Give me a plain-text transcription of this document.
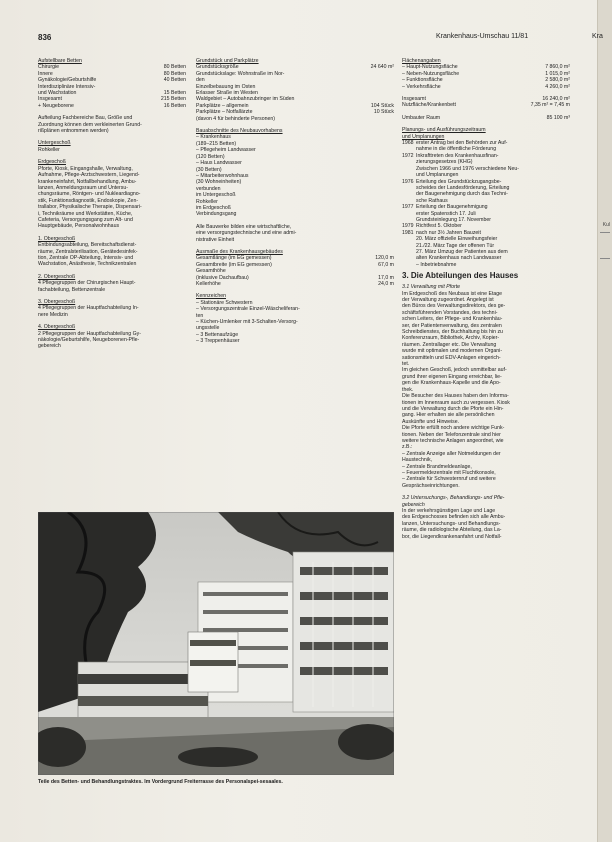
Kul
836	Krankenhaus-Umschau 11/81	Kra
Aufstellbare Betten
Chirurgie	80 Betten
Innere	80 Betten
Gynäkologie/Geburtshilfe	40 Betten
Interdisziplinäre Intensiv-
und Wachstation	15 Betten
Insgesamt	215 Betten
+ Neugeborene	16 Betten
Aufteilung Fachbereiche Bau, Größe und
Zuordnung können dem verkleinerten Grund-
rißplänen entnommen werden)
Untergeschoß
Rohkeller
Erdgeschoß
Pforte, Kiosk, Eingangshalle, Verwaltung,
Aufnahme, Pflege-Arztschwestern, Liegend-
krankeneinfahrt, Notfallbehandlung, Ambu-
lanzen, Anmeldungsraum und Untersu-
chungsräume, Röntgen- und Nukleardiagno-
stik, Funktionsdiagnostik, Endoskopie, Zen-
trallabor, Physikalische Therapie, Dispensari-
i, Technikräume und Werkstätten, Küche,
Cafeteria, Versorgungsgang zum Alt- und
Hauptgebäude, Personalwohnhaus
1. Obergeschoß
Entbindungsabteilung, Bereitschaftsdienst-
räume, Zentralsterilisation, Gerätedesinfek-
tion, Zentrale OP-Abteilung, Intensiv- und
Wachstation, Anästhesie, Technikzentralen
2. Obergeschoß
4 Pflegegruppen der Chirurgischen Haupt-
fachabteilung, Bettenzentrale
3. Obergeschoß
4 Pflegegruppen der Hauptfachabteilung In-
nere Medizin
4. Obergeschoß
2 Pflegegruppen der Hauptfachabteilung Gy-
näkologie/Geburtshilfe, Neugeborenen-Pfle-
gebereich
Grundstück und Parkplätze
Grundstücksgröße	24 640 m²
Grundstückslage: Wohnstraße im Nor-
den
Einzelbebauung im Osten
Erlasser Straße im Westen
Waldgebiet – Autobahnzubringer im Süden
Parkplätze – allgemein	104 Stück
Parkplätze – Notfallärzte	10 Stück
(davon 4 für behinderte Personen)
Bauabschnitte des Neubauvorhabens
– Krankenhaus
(189–215 Betten)
– Pflegeheim Landwasser
(120 Betten)
– Haus Landwasser
(30 Betten)
– Mitarbeiterwohnhaus
(30 Wohneinheiten)
verbunden
im Untergeschoß
Rohkeller
im Erdgeschoß
Verbindungsgang
Alle Bauwerke bilden eine wirtschaftliche,
eine versorgungstechnische und eine admi-
nistrative Einheit
Ausmaße des Krankenhausgebäudes
Gesamtlänge (im EG gemessen)	120,0 m
Gesamtbreite (im EG gemessen)	67,0 m
Gesamthöhe
(inklusive Dachaufbau)	17,0 m
Kellerhöhe	24,0 m
Kennzeichen
– Stationäre Schwestern
– Versorgungszentrale Einzel-Wäscheliferan-
ten
– Küchen-Umlenker mit 3-Schalten-Versorg-
ungsstelle
– 3 Bettenaufzüge
– 3 Treppenhäuser
Flächenangaben
– Haupt-Nutzungsfläche	7 860,0 m²
– Neben-Nutzungsfläche	1 015,0 m²
– Funktionsfläche	2 580,0 m²
– Verkehrsfläche	4 260,0 m²
Insgesamt	16 240,0 m²
Nutzfläche/Krankenbett	7,35 m² = 7,45 m
Umbauter Raum	85 100 m³
Planungs- und Ausführungszeitraum
und Umplanungen
1968 erster Antrag bei den Behörden zur Auf-
nahme in die öffentliche Förderung
1972 Inkrafttreten des Krankenhausfinan-
zierungsgesetzes (KHG)
Zwischen 1966 und 1976 verschiedene Neu-
und Umplanungen
1976 Erteilung des Grundstückzugangsbe-
scheides der Landesförderung, Erteilung
der Baugenehmigung durch das Techni-
sche Rathaus
1977 Erteilung der Baugenehmigung
erster Spatenstich 17. Juli
Grundsteinlegung 17. November
1979 Richtfest 5. Oktober
1981 nach nur 3½ Jahren Bauzeit
20. März offizielle Einweihungsfeier
21./22. März Tage der offenen Tür
27. März Umzug der Patienten aus dem
alten Krankenhaus nach Landwasser
– Inbetriebnahme
3. Die Abteilungen des Hauses
3.1 Verwaltung mit Pforte
Im Erdgeschoß des Neubaus ist eine Etage
der Verwaltung zugeordnet. Angelegt ist
den Büros des Verwaltungsdirektors, des ge-
schäftsführenden Vorstandes, des techni-
schen Leiters, der Pflege- und Krankenhäu-
ser, der Patientenverwaltung, des zentralen
Schreibdienstes, der Buchhaltung bis hin zu
Konferenzraum, Bibliothek, Archiv, Kopier-
räumen. Zentrallager etc. Die Verwaltung
wurde mit optimalen und modernen Organi-
sationsmitteln und EDV-Anlagen eingerich-
tet.
Im gleichen Geschoß, jedoch unmittelbar auf-
grund ihrer eigenen Eingang erreichbar, lie-
gen die Krankenhaus-Kapelle und die Apo-
thek.
Die Besucher des Hauses haben den Informa-
tionen im Innenraum auch zu vergessen. Kiosk
und die Verwaltung durch die Pforte ein Hin-
gang. Hier erhalten sie alle persönlichen
Auskünfte und Hinweise.
Die Pforte erfüllt noch andere wichtige Funk-
tionen. Neben der Telefonzentrale sind hier
weitere technische Anlagen angeordnet, wie
z.B.:
– Zentrale Anzeige aller Notmeldungen der
Haustechnik,
– Zentrale Brandmeldeanlage,
– Feuermeldezentrale mit Fluchtkonsole,
– Zentrale für Schwesternruf und weitere
Gesprächseinrichtungen.
3.2 Untersuchungs-, Behandlungs- und Pfle-
gebereich
In der verkehrsgünstigen Lage und Lage
des Erdgeschosses befinden sich alle Ambu-
lanzen, Untersuchungs- und Behandlungs-
räume, die radiologische Abteilung, das La-
bor, die Liegendkrankenanfahrt und Notfall-
Teile des Betten- und Behandlungstraktes. Im Vordergrund Freiterrasse des Personalspei-sesaales.
